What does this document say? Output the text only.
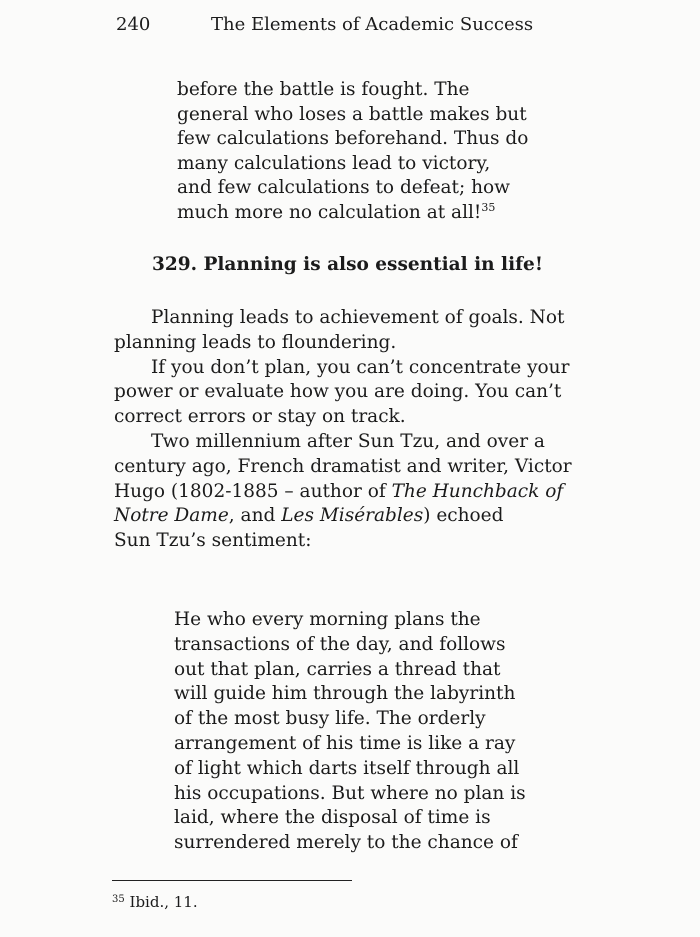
240	The Elements of Academic Success
before the battle is fought. The
general who loses a battle makes but
few calculations beforehand. Thus do
many calculations lead to victory,
and few calculations to defeat; how
much more no calculation at all!$^{35}$
329. Planning is also essential in life!
Planning leads to achievement of goals. Not
planning leads to floundering.
If you don’t plan, you can’t concentrate your
power or evaluate how you are doing. You can’t
correct errors or stay on track.
Two millennium after Sun Tzu, and over a
century ago, French dramatist and writer, Victor
Hugo (1802-1885 – author of The Hunchback of
Notre Dame, and Les Misérables) echoed
Sun Tzu’s sentiment:
He who every morning plans the
transactions of the day, and follows
out that plan, carries a thread that
will guide him through the labyrinth
of the most busy life. The orderly
arrangement of his time is like a ray
of light which darts itself through all
his occupations. But where no plan is
laid, where the disposal of time is
surrendered merely to the chance of
$^{35}$ Ibid., 11.
